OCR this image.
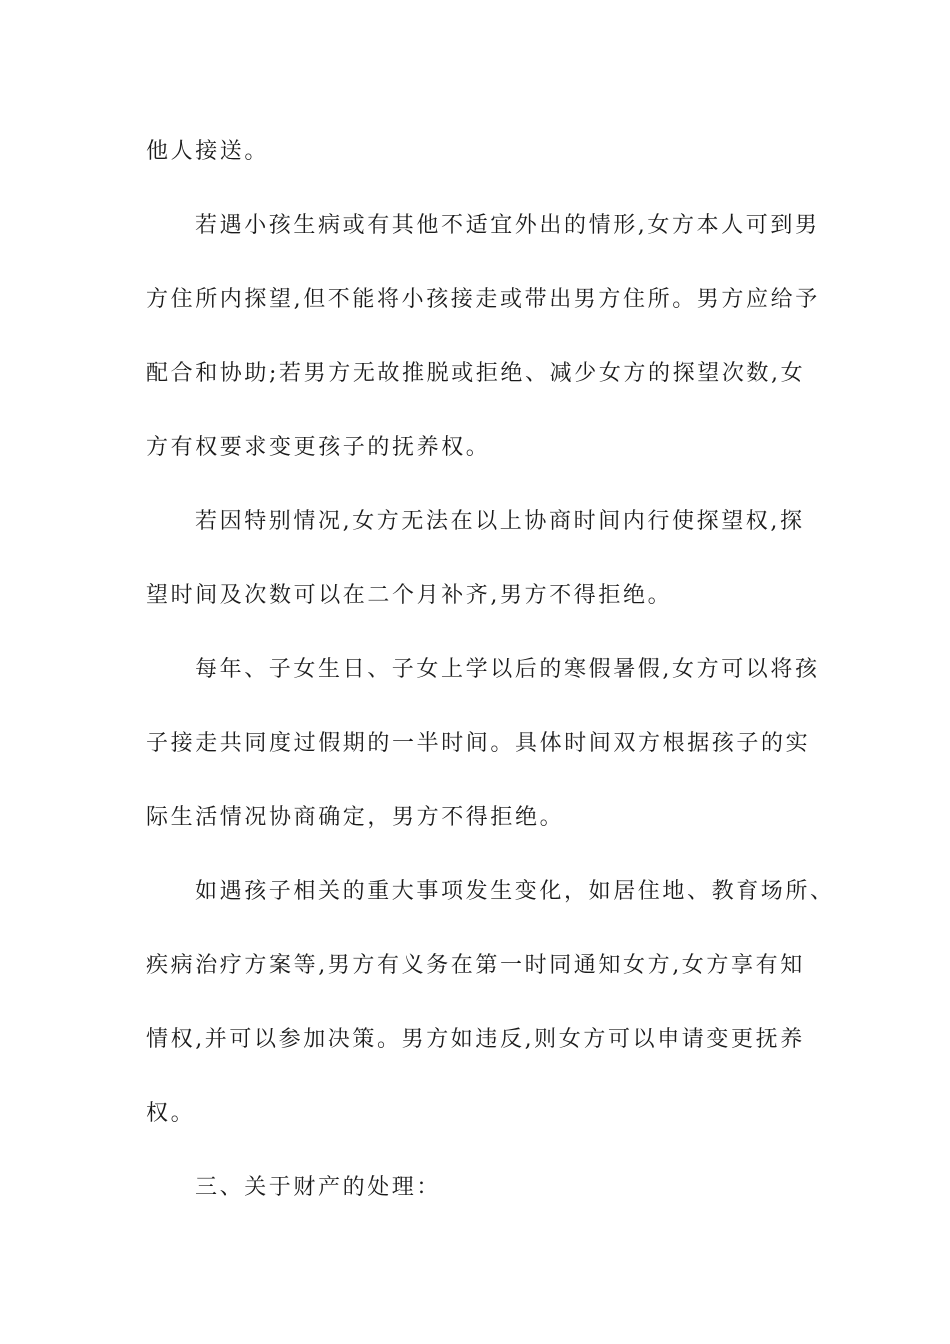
他人接送。
若遇小孩生病或有其他不适宜外出的情形,女方本人可到男
方住所内探望,但不能将小孩接走或带出男方住所。男方应给予
配合和协助;若男方无故推脱或拒绝、减少女方的探望次数,女
方有权要求变更孩子的抚养权。
若因特别情况,女方无法在以上协商时间内行使探望权,探
望时间及次数可以在二个月补齐,男方不得拒绝。
每年、子女生日、子女上学以后的寒假暑假,女方可以将孩
子接走共同度过假期的一半时间。具体时间双方根据孩子的实
际生活情况协商确定，男方不得拒绝。
如遇孩子相关的重大事项发生变化，如居住地、教育场所、
疾病治疗方案等,男方有义务在第一时同通知女方,女方享有知
情权,并可以参加决策。男方如违反,则女方可以申请变更抚养
权。
三、关于财产的处理：
